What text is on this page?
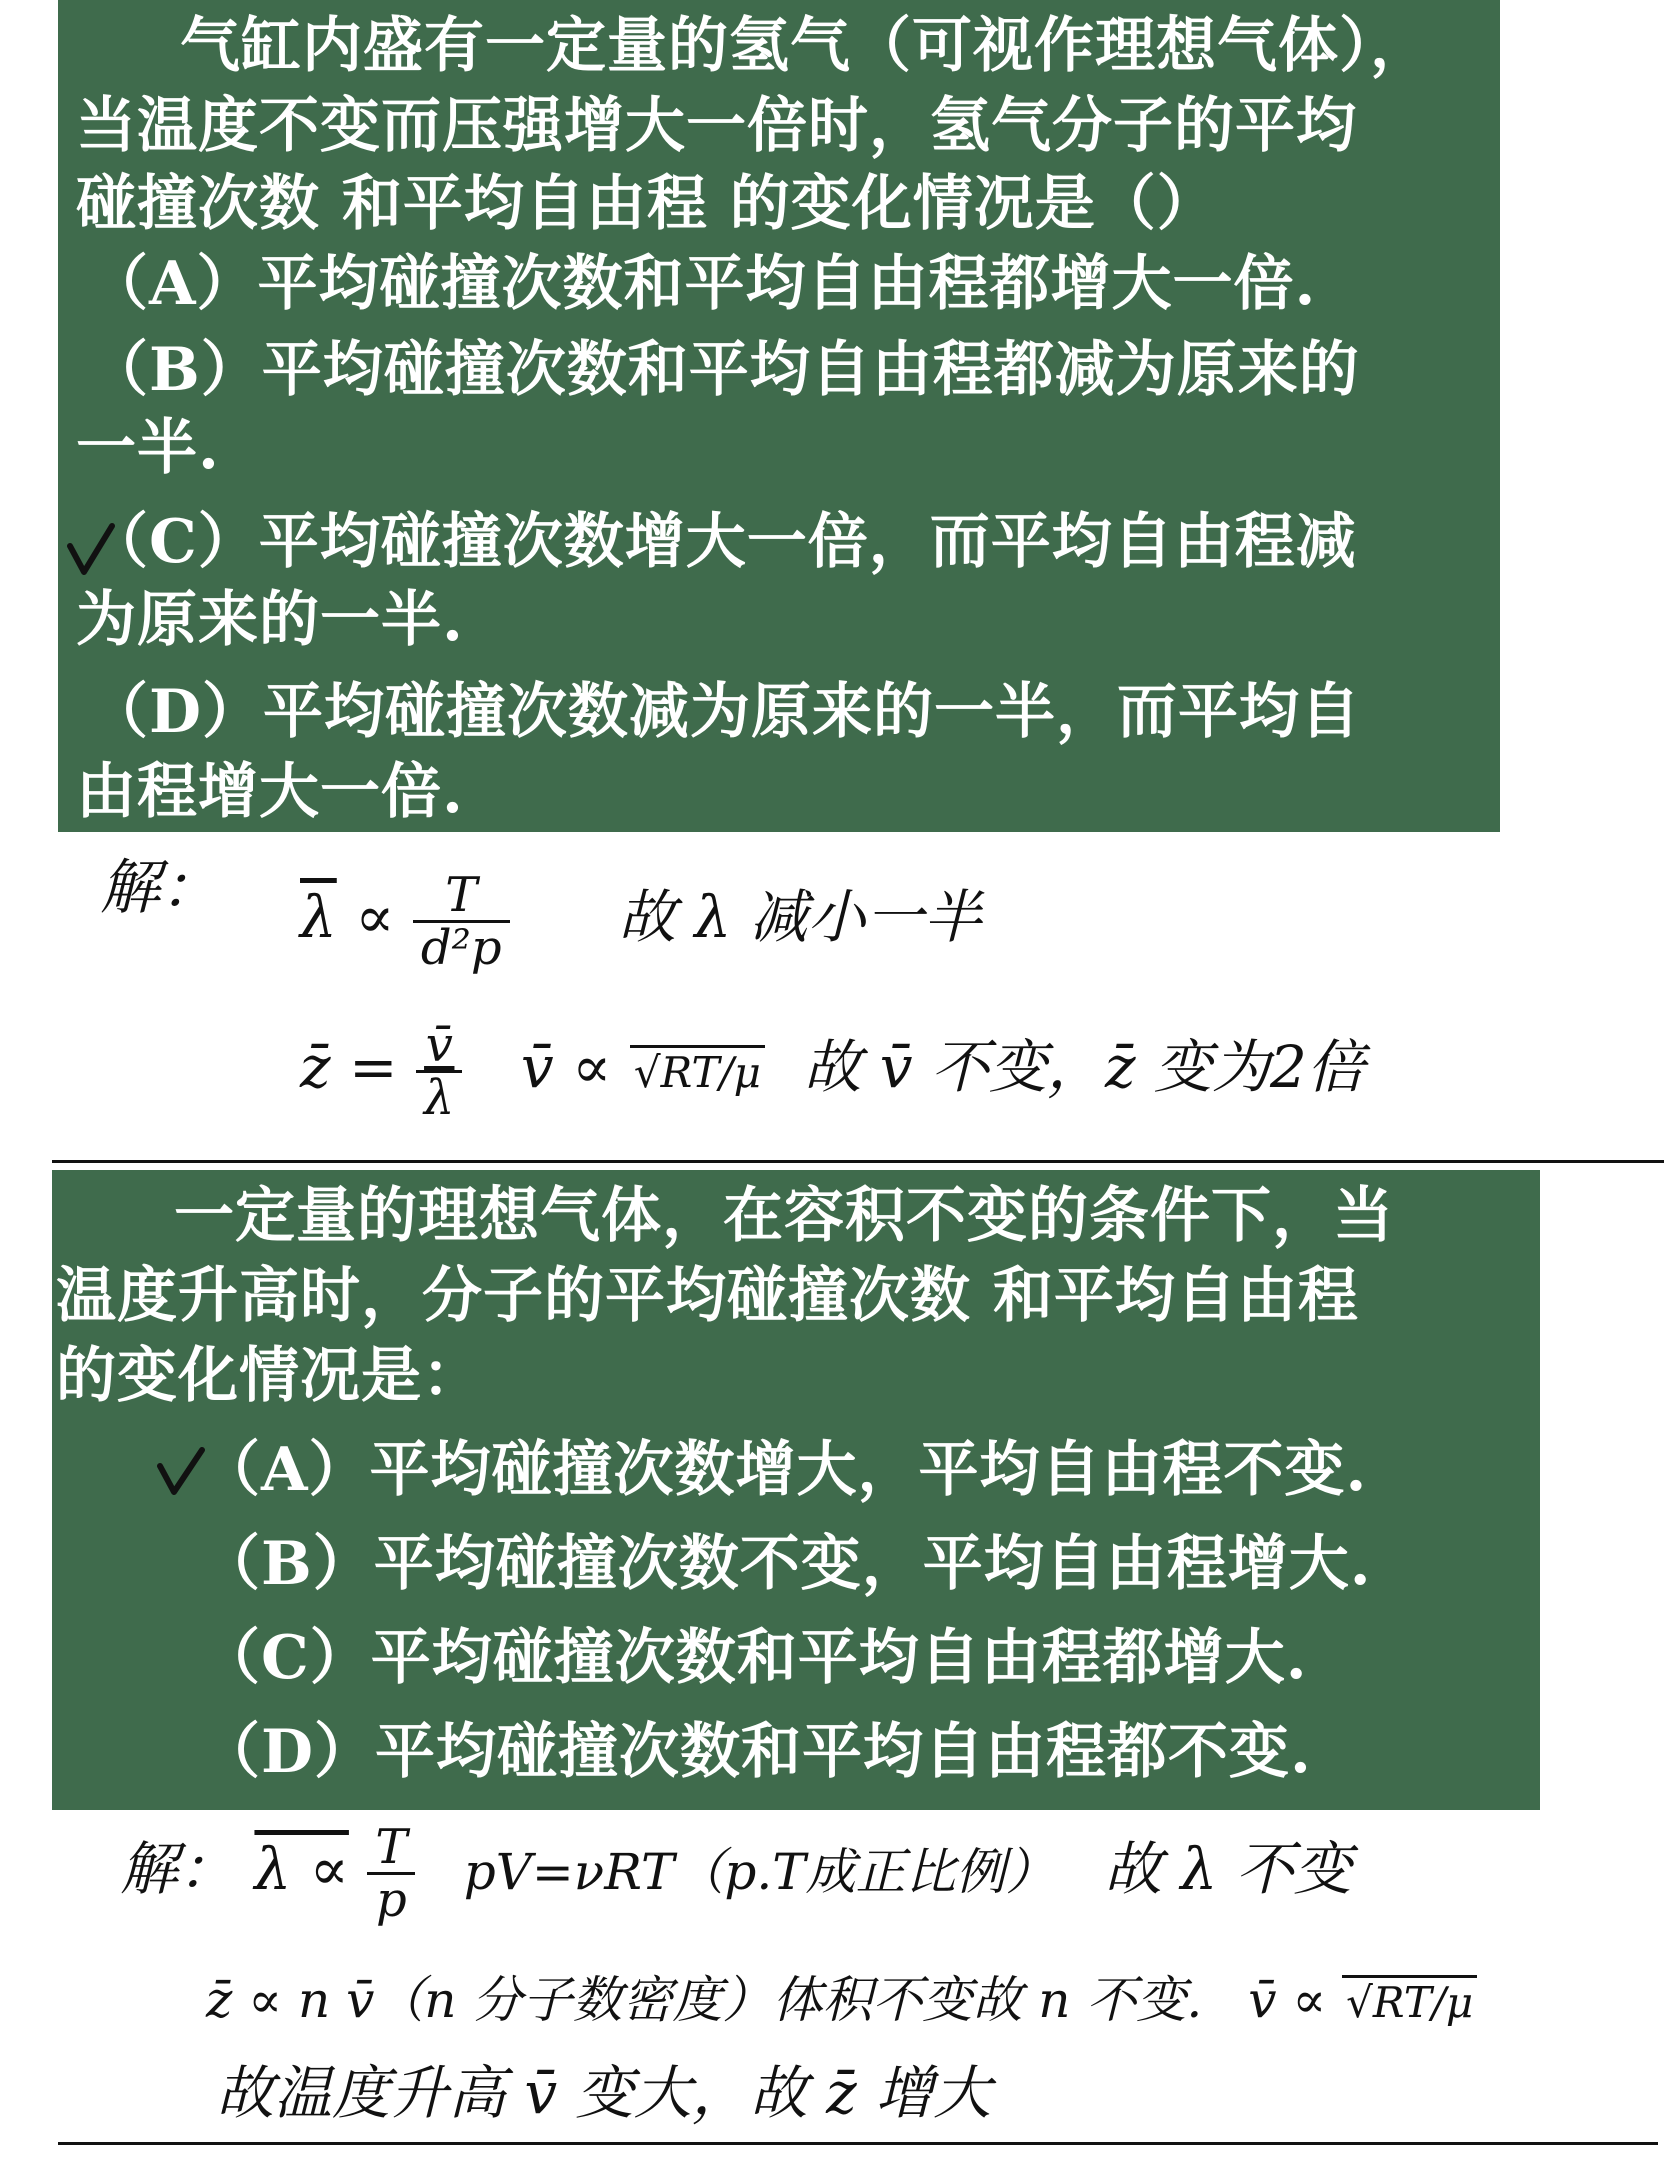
　　气缸内盛有一定量的氢气（可视作理想气体），
当温度不变而压强增大一倍时，氢气分子的平均
碰撞次数 和平均自由程 的变化情况是（）
（A）平均碰撞次数和平均自由程都增大一倍.
（B）平均碰撞次数和平均自由程都减为原来的
一半.
（C）平均碰撞次数增大一倍，而平均自由程减
为原来的一半.
（D）平均碰撞次数减为原来的一半，而平均自
由程增大一倍.
解： $\overline{\lambda} \propto \frac{T}{\text{d²p}}$ 故 λ 减小一半
z̄ = $\frac{v̄}{\lambda}$ v̄ ∝ √RT/μ 故 v̄ 不变，z̄ 变为2倍
　　一定量的理想气体，在容积不变的条件下，当
温度升高时，分子的平均碰撞次数 和平均自由程
的变化情况是：
（A）平均碰撞次数增大，平均自由程不变.
（B）平均碰撞次数不变，平均自由程增大.
（C）平均碰撞次数和平均自由程都增大.
（D）平均碰撞次数和平均自由程都不变.
解： $\lambda \propto \frac{T}{p} pV=\nu RT(p.T$成正比例） 故 λ 不变
z̄ ∝ n v̄（n 分子数密度）体积不变故 n 不变. v̄ ∝ √RT/μ
故温度升高 v̄ 变大，故 z̄ 增大
